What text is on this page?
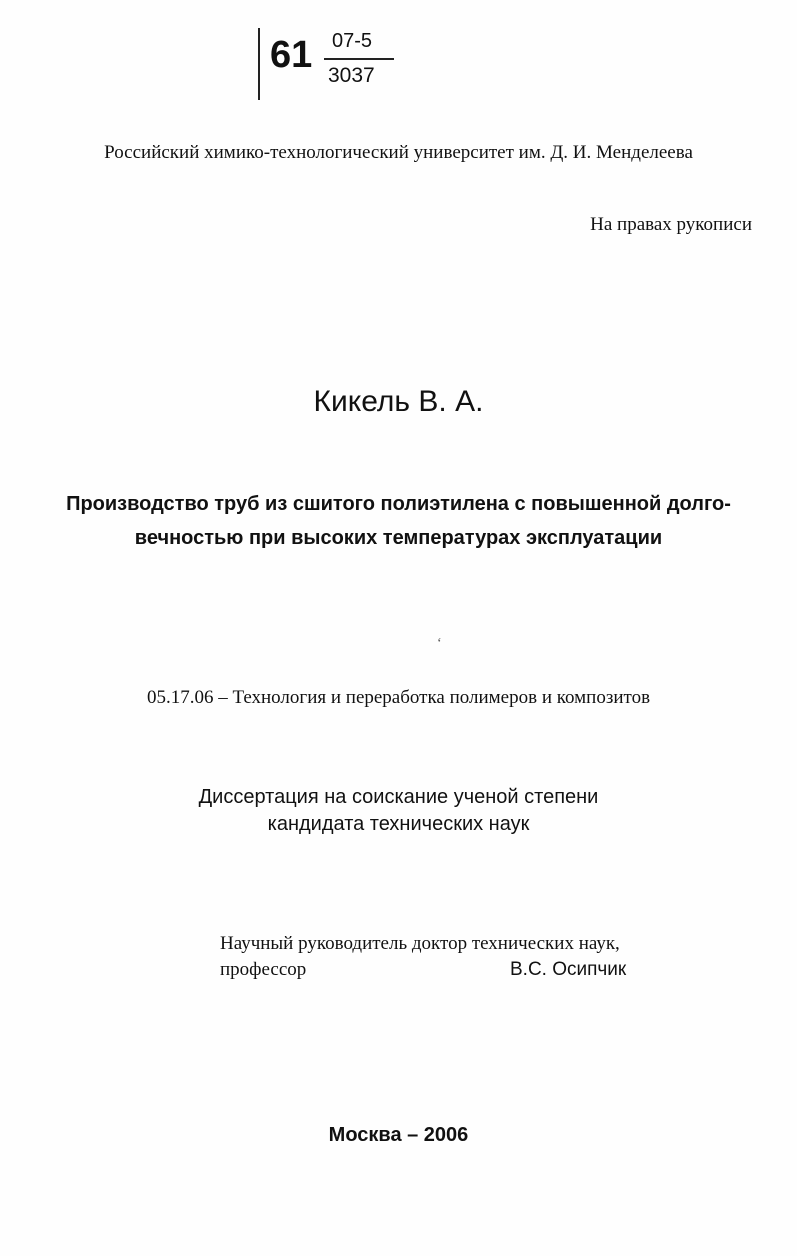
61 07-5
3037
Российский химико-технологический университет им. Д. И. Менделеева
На правах рукописи
Кикель В. А.
Производство труб из сшитого полиэтилена с повышенной долго-
вечностью при высоких температурах эксплуатации
ʻ
05.17.06 – Технология и переработка полимеров и композитов
Диссертация на соискание ученой степени
кандидата технических наук
Научный руководитель доктор технических наук,
профессор	В.С. Осипчик
Москва – 2006
